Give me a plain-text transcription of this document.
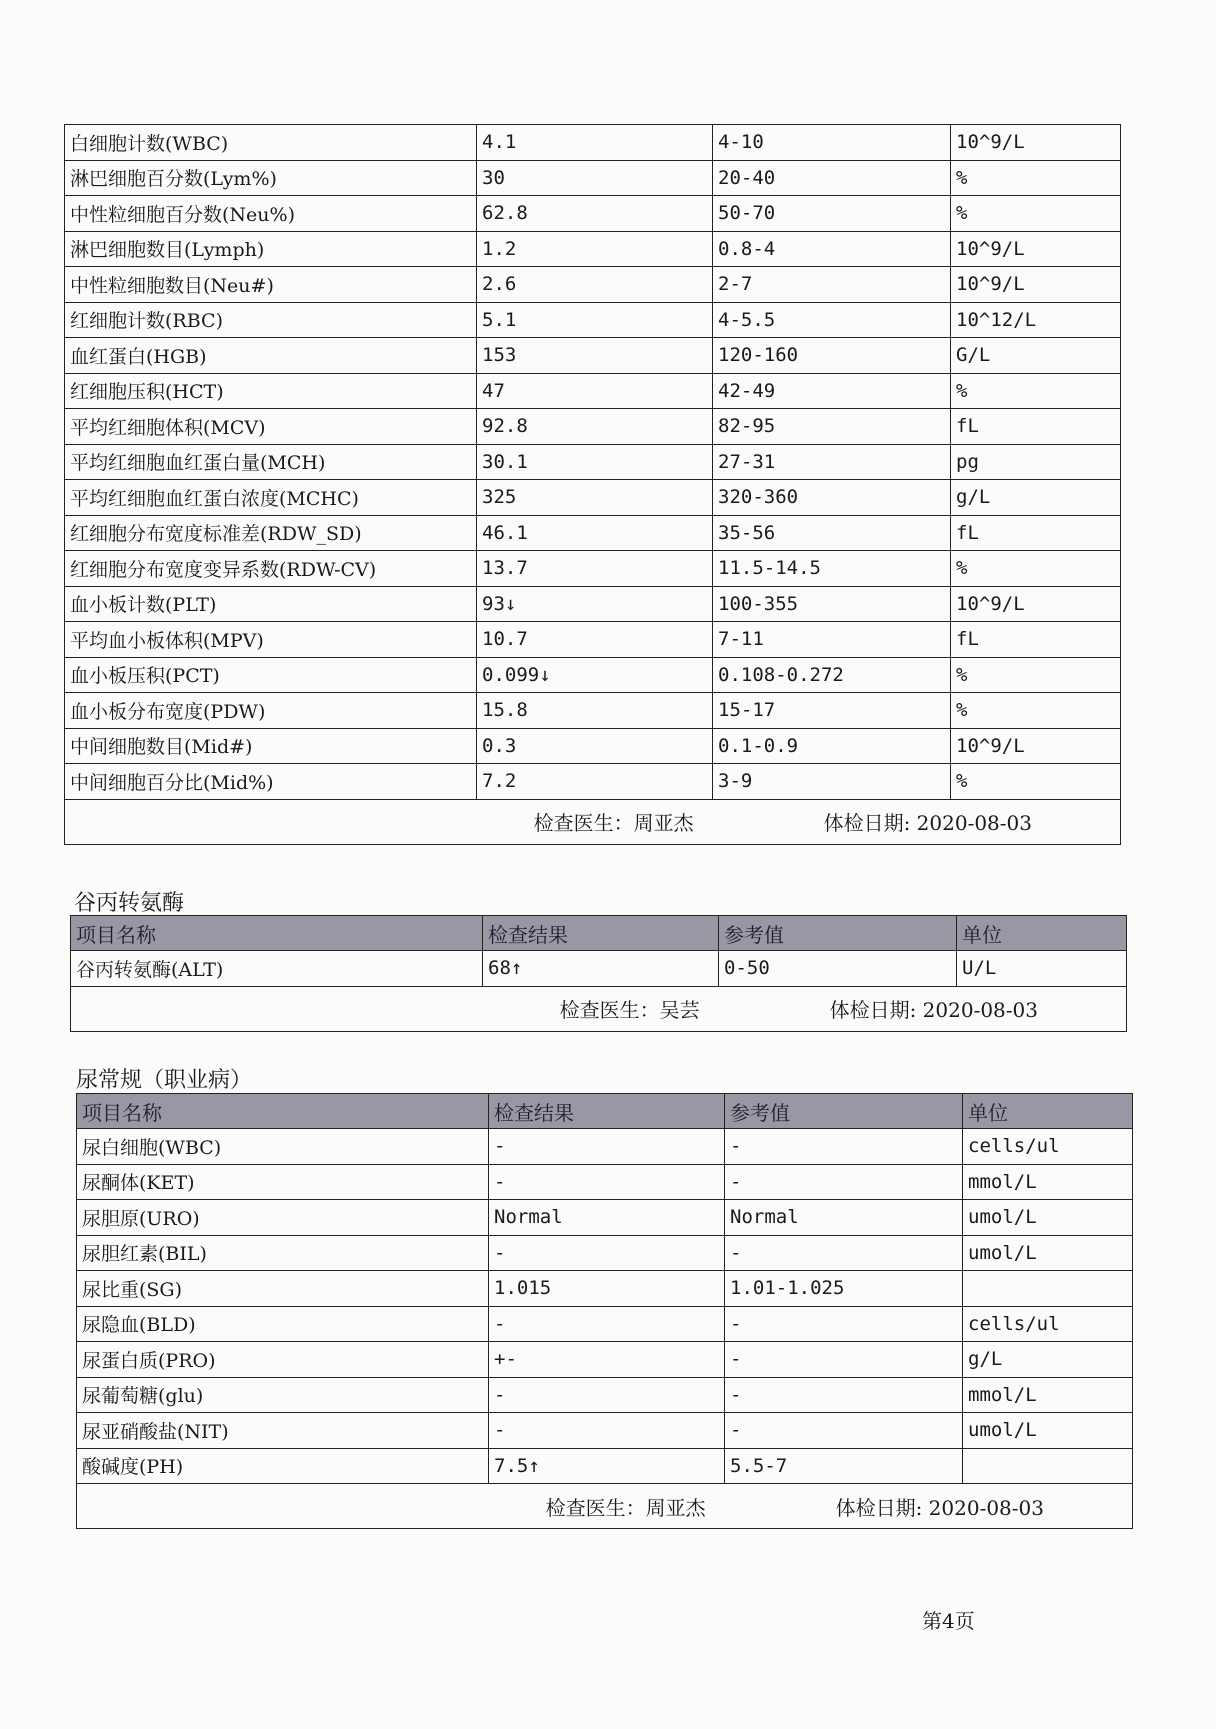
白细胞计数(WBC)	4.1	4-10	10^9/L
淋巴细胞百分数(Lym%)	30	20-40	%
中性粒细胞百分数(Neu%)	62.8	50-70	%
淋巴细胞数目(Lymph)	1.2	0.8-4	10^9/L
中性粒细胞数目(Neu#)	2.6	2-7	10^9/L
红细胞计数(RBC)	5.1	4-5.5	10^12/L
血红蛋白(HGB)	153	120-160	G/L
红细胞压积(HCT)	47	42-49	%
平均红细胞体积(MCV)	92.8	82-95	fL
平均红细胞血红蛋白量(MCH)	30.1	27-31	pg
平均红细胞血红蛋白浓度(MCHC)	325	320-360	g/L
红细胞分布宽度标准差(RDW_SD)	46.1	35-56	fL
红细胞分布宽度变异系数(RDW-CV)	13.7	11.5-14.5	%
血小板计数(PLT)	93↓	100-355	10^9/L
平均血小板体积(MPV)	10.7	7-11	fL
血小板压积(PCT)	0.099↓	0.108-0.272	%
血小板分布宽度(PDW)	15.8	15-17	%
中间细胞数目(Mid#)	0.3	0.1-0.9	10^9/L
中间细胞百分比(Mid%)	7.2	3-9	%
检查医生：周亚杰 体检日期: 2020-08-03			
谷丙转氨酶
项目名称	检查结果	参考值	单位
谷丙转氨酶(ALT)	68↑	0-50	U/L
检查医生：吴芸 体检日期: 2020-08-03			
尿常规（职业病）
项目名称	检查结果	参考值	单位
尿白细胞(WBC)	-	-	cells/ul
尿酮体(KET)	-	-	mmol/L
尿胆原(URO)	Normal	Normal	umol/L
尿胆红素(BIL)	-	-	umol/L
尿比重(SG)	1.015	1.01-1.025	
尿隐血(BLD)	-	-	cells/ul
尿蛋白质(PRO)	+-	-	g/L
尿葡萄糖(glu)	-	-	mmol/L
尿亚硝酸盐(NIT)	-	-	umol/L
酸碱度(PH)	7.5↑	5.5-7	
检查医生：周亚杰 体检日期: 2020-08-03			
第4页
